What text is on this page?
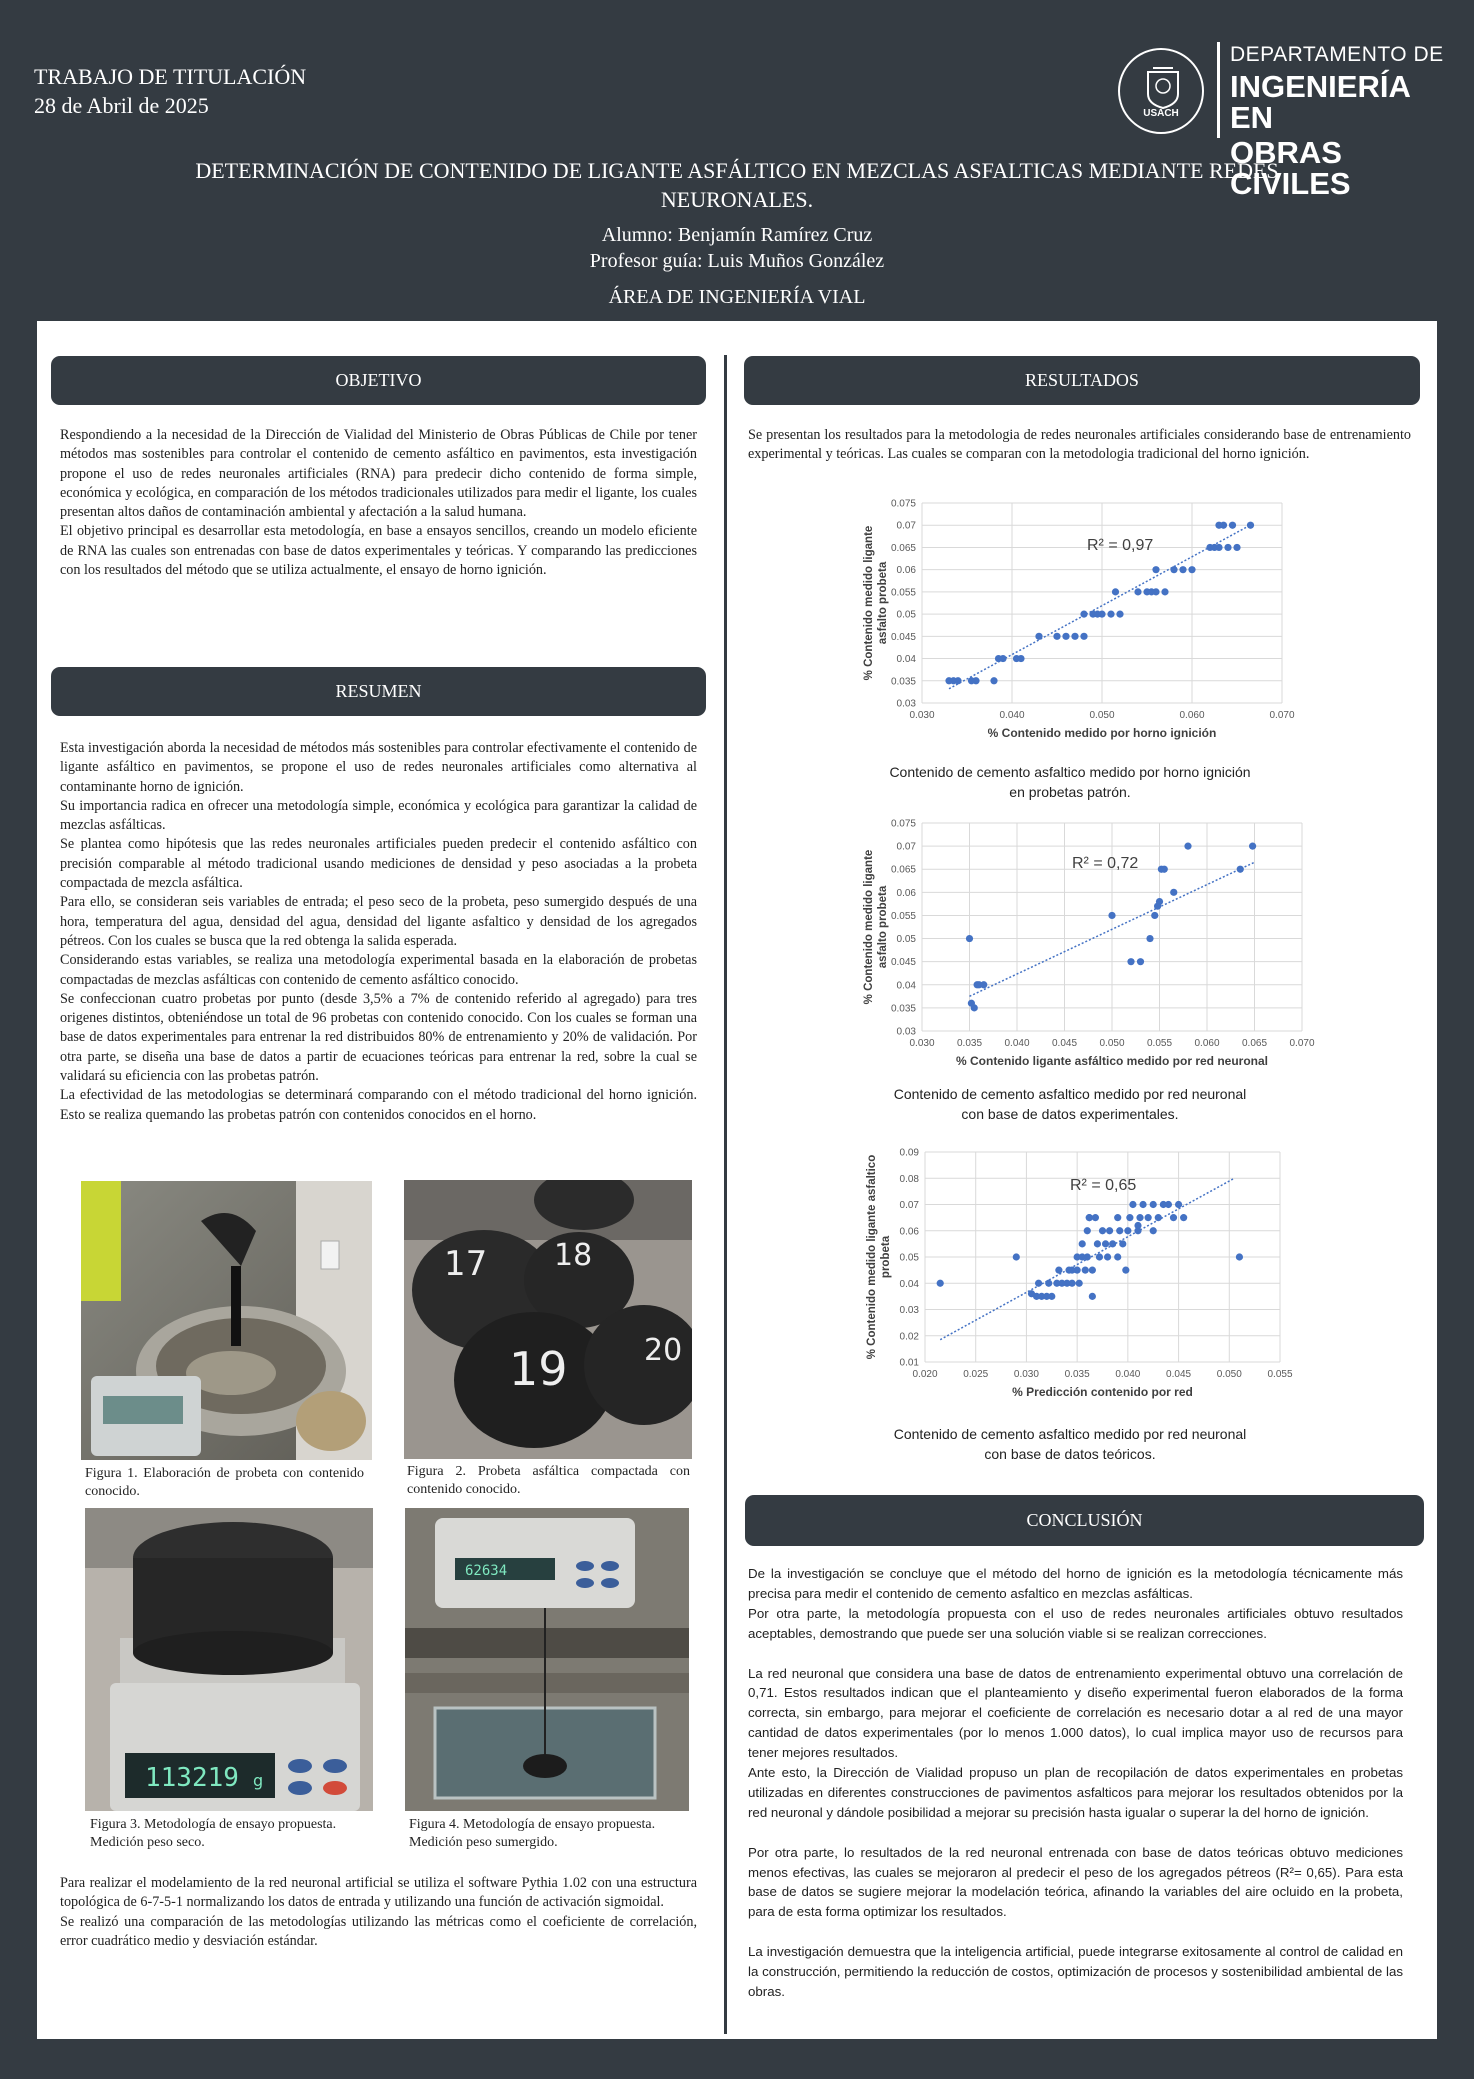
TRABAJO DE TITULACIÓN
28 de Abril de 2025	USACH
DEPARTAMENTO DE
INGENIERÍA EN
OBRAS CIVILES
DETERMINACIÓN DE CONTENIDO DE LIGANTE ASFÁLTICO EN MEZCLAS ASFALTICAS MEDIANTE REDES NEURONALES.
Alumno: Benjamín Ramírez Cruz
Profesor guía: Luis Muños González
ÁREA DE INGENIERÍA VIAL
OBJETIVO

Respondiendo a la necesidad de la Dirección de Vialidad del Ministerio de Obras Públicas de Chile por tener métodos mas sostenibles para controlar el contenido de cemento asfáltico en pavimentos, esta investigación propone el uso de redes neuronales artificiales (RNA) para predecir dicho contenido de forma simple, económica y ecológica, en comparación de los métodos tradicionales utilizados para medir el ligante, los cuales presentan altos daños de contaminación ambiental y afectación a la salud humana.

El objetivo principal es desarrollar esta metodología, en base a ensayos sencillos, creando un modelo eficiente de RNA las cuales son entrenadas con base de datos experimentales y teóricas. Y comparando las predicciones con los resultados del método que se utiliza actualmente, el ensayo de horno ignición.

RESUMEN

Esta investigación aborda la necesidad de métodos más sostenibles para controlar efectivamente el contenido de ligante asfáltico en pavimentos, se propone el uso de redes neuronales artificiales como alternativa al contaminante horno de ignición.

Su importancia radica en ofrecer una metodología simple, económica y ecológica para garantizar la calidad de mezclas asfálticas.

Se plantea como hipótesis que las redes neuronales artificiales pueden predecir el contenido asfáltico con precisión comparable al método tradicional usando mediciones de densidad y peso asociadas a la probeta compactada de mezcla asfáltica.

Para ello, se consideran seis variables de entrada; el peso seco de la probeta, peso sumergido después de una hora, temperatura del agua, densidad del agua, densidad del ligante asfaltico y densidad de los agregados pétreos. Con los cuales se busca que la red obtenga la salida esperada.

Considerando estas variables, se realiza una metodología experimental basada en la elaboración de probetas compactadas de mezclas asfálticas con contenido de cemento asfáltico conocido.

Se confeccionan cuatro probetas por punto (desde 3,5% a 7% de contenido referido al agregado) para tres origenes distintos, obteniéndose un total de 96 probetas con contenido conocido. Con los cuales se forman una base de datos experimentales para entrenar la red distribuidos 80% de entrenamiento y 20% de validación. Por otra parte, se diseña una base de datos a partir de ecuaciones teóricas para entrenar la red, sobre la cual se validará su eficiencia con las probetas patrón.

La efectividad de las metodologias se determinará comparando con el método tradicional del horno ignición. Esto se realiza quemando las probetas patrón con contenidos conocidos en el horno.

17 18
19	20
Figura 1. Elaboración de probeta con contenido conocido.
Figura 2. Probeta asfáltica compactada con contenido conocido.
113219 g
62634
Figura 3. Metodología de ensayo propuesta. Medición peso seco.
Figura 4. Metodología de ensayo propuesta. Medición peso sumergido.

Para realizar el modelamiento de la red neuronal artificial se utiliza el software Pythia 1.02 con una estructura topológica de 6-7-5-1 normalizando los datos de entrada y utilizando una función de activación sigmoidal.

Se realizó una comparación de las metodologías utilizando las métricas como el coeficiente de correlación, error cuadrático medio y desviación estándar.

RESULTADOS
Se presentan los resultados para la metodologia de redes neuronales artificiales considerando base de entrenamiento experimental y teóricas. Las cuales se comparan con la metodologia tradicional del horno ignición.
0.030	0.040	0.050	0.060	0.070
0.03
0.035
0.04
0.045
0.05
0.055
0.06
0.065
0.07
0.075
% Contenido medido por horno ignición
% Contenido medido ligante asfalto probeta
R² = 0,97
Contenido de cemento asfaltico medido por horno ignición
en probetas patrón.
0.030 0.035 0.040 0.045 0.050 0.055 0.060 0.065 0.070
0.03
0.035
0.04
0.045
0.05
0.055
0.06
0.065
0.07
0.075
% Contenido ligante asfáltico medido por red neuronal
% Contenido medido ligante asfalto probeta
R² = 0,72
Contenido de cemento asfaltico medido por red neuronal
con base de datos experimentales.
0.020	0.025	0.030	0.035	0.040	0.045	0.050	0.055
0.01
0.02
0.03
0.04
0.05
0.06
0.07
0.08
0.09
% Predicción contenido por red
% Contenido medido ligante asfaltico probeta
R² = 0,65
Contenido de cemento asfaltico medido por red neuronal
con base de datos teóricos.
CONCLUSIÓN

De la investigación se concluye que el método del horno de ignición es la metodología técnicamente más precisa para medir el contenido de cemento asfaltico en mezclas asfálticas.

Por otra parte, la metodología propuesta con el uso de redes neuronales artificiales obtuvo resultados aceptables, demostrando que puede ser una solución viable si se realizan correcciones.

La red neuronal que considera una base de datos de entrenamiento experimental obtuvo una correlación de 0,71. Estos resultados indican que el planteamiento y diseño experimental fueron elaborados de la forma correcta, sin embargo, para mejorar el coeficiente de correlación es necesario dotar a al red de una mayor cantidad de datos experimentales (por lo menos 1.000 datos), lo cual implica mayor uso de recursos para tener mejores resultados.

Ante esto, la Dirección de Vialidad propuso un plan de recopilación de datos experimentales en probetas utilizadas en diferentes construcciones de pavimentos asfalticos para mejorar los resultados obtenidos por la red neuronal y dándole posibilidad a mejorar su precisión hasta igualar o superar la del horno de ignición.

Por otra parte, lo resultados de la red neuronal entrenada con base de datos teóricas obtuvo mediciones menos efectivas, las cuales se mejoraron al predecir el peso de los agregados pétreos (R²= 0,65). Para esta base de datos se sugiere mejorar la modelación teórica, afinando la variables del aire ocluido en la probeta, para de esta forma optimizar los resultados.

La investigación demuestra que la inteligencia artificial, puede integrarse exitosamente al control de calidad en la construcción, permitiendo la reducción de costos, optimización de procesos y sostenibilidad ambiental de las obras.
